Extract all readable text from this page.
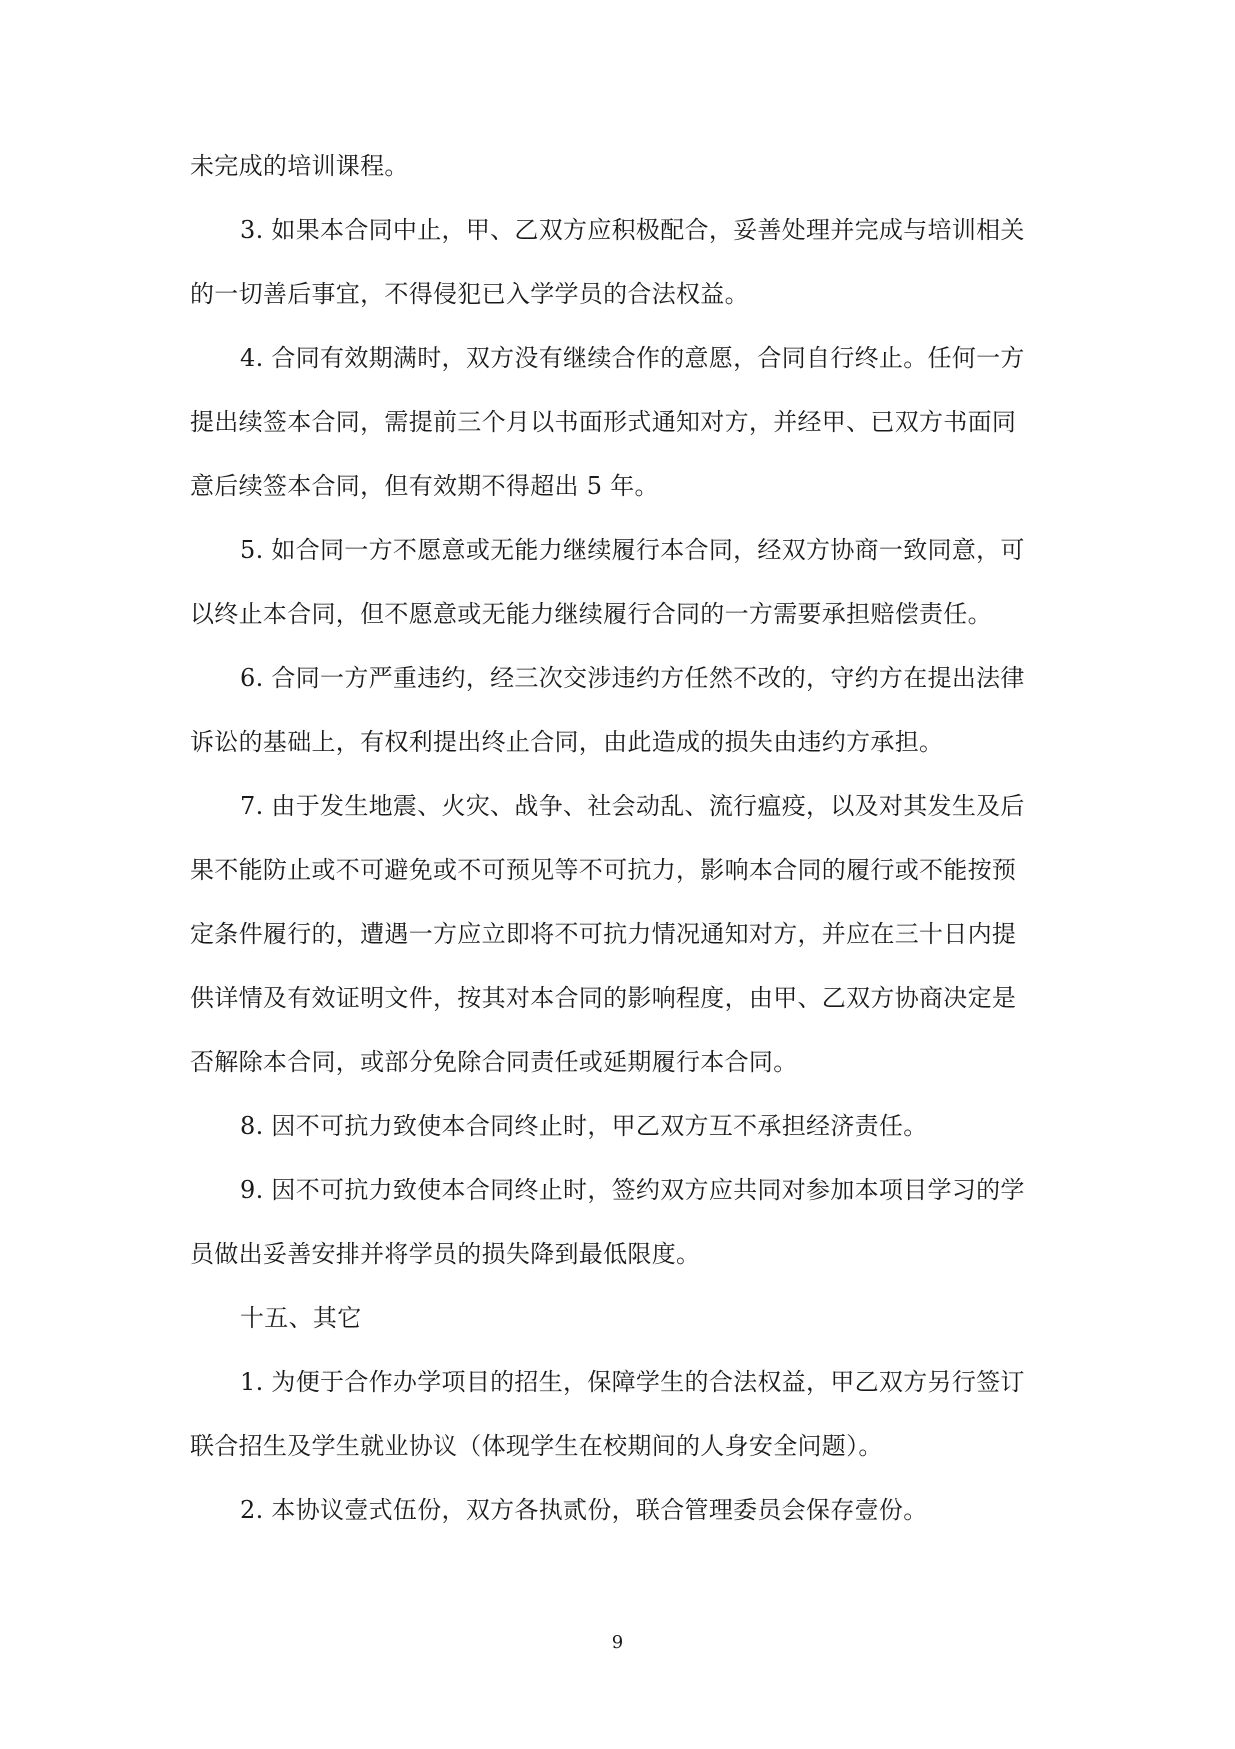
未完成的培训课程。
3. 如果本合同中止，甲、乙双方应积极配合，妥善处理并完成与培训相关
的一切善后事宜，不得侵犯已入学学员的合法权益。
4. 合同有效期满时，双方没有继续合作的意愿，合同自行终止。任何一方
提出续签本合同，需提前三个月以书面形式通知对方，并经甲、已双方书面同
意后续签本合同，但有效期不得超出 5 年。
5. 如合同一方不愿意或无能力继续履行本合同，经双方协商一致同意，可
以终止本合同，但不愿意或无能力继续履行合同的一方需要承担赔偿责任。
6. 合同一方严重违约，经三次交涉违约方任然不改的，守约方在提出法律
诉讼的基础上，有权利提出终止合同，由此造成的损失由违约方承担。
7. 由于发生地震、火灾、战争、社会动乱、流行瘟疫，以及对其发生及后
果不能防止或不可避免或不可预见等不可抗力，影响本合同的履行或不能按预
定条件履行的，遭遇一方应立即将不可抗力情况通知对方，并应在三十日内提
供详情及有效证明文件，按其对本合同的影响程度，由甲、乙双方协商决定是
否解除本合同，或部分免除合同责任或延期履行本合同。
8. 因不可抗力致使本合同终止时，甲乙双方互不承担经济责任。
9. 因不可抗力致使本合同终止时，签约双方应共同对参加本项目学习的学
员做出妥善安排并将学员的损失降到最低限度。
十五、其它
1. 为便于合作办学项目的招生，保障学生的合法权益，甲乙双方另行签订
联合招生及学生就业协议（体现学生在校期间的人身安全问题）。
2. 本协议壹式伍份，双方各执贰份，联合管理委员会保存壹份。
9
